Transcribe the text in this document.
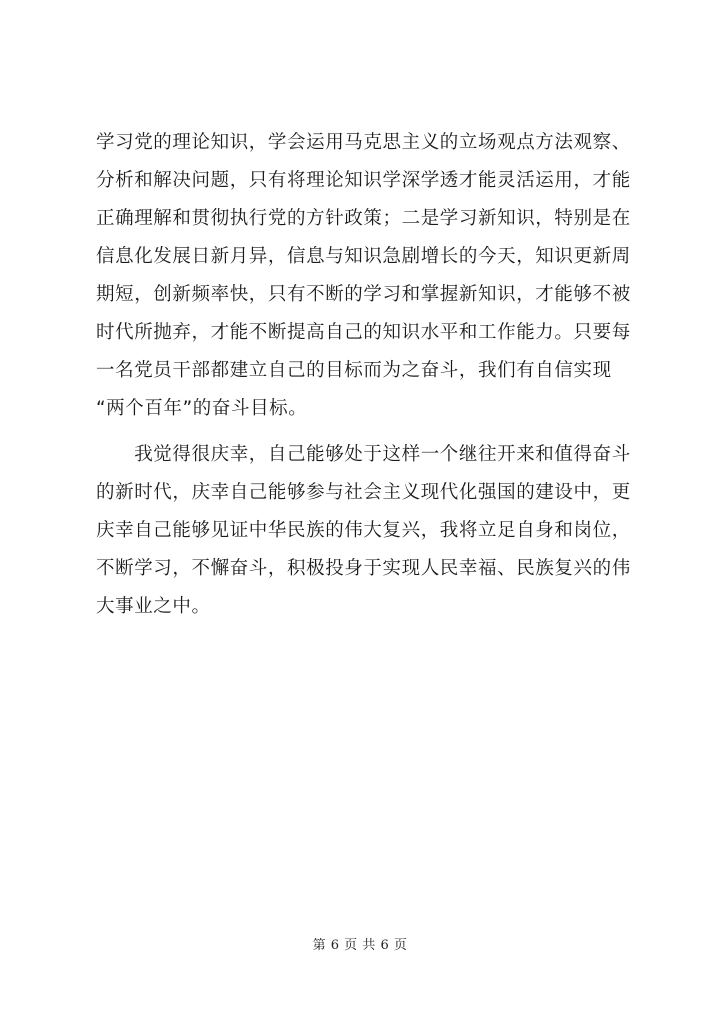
学习党的理论知识，学会运用马克思主义的立场观点方法观察、
分析和解决问题，只有将理论知识学深学透才能灵活运用，才能
正确理解和贯彻执行党的方针政策；二是学习新知识，特别是在
信息化发展日新月异，信息与知识急剧增长的今天，知识更新周
期短，创新频率快，只有不断的学习和掌握新知识，才能够不被
时代所抛弃，才能不断提高自己的知识水平和工作能力。只要每
一名党员干部都建立自己的目标而为之奋斗，我们有自信实现
“两个百年”的奋斗目标。
　　我觉得很庆幸，自己能够处于这样一个继往开来和值得奋斗
的新时代，庆幸自己能够参与社会主义现代化强国的建设中，更
庆幸自己能够见证中华民族的伟大复兴，我将立足自身和岗位，
不断学习，不懈奋斗，积极投身于实现人民幸福、民族复兴的伟
大事业之中。
第 6 页 共 6 页
